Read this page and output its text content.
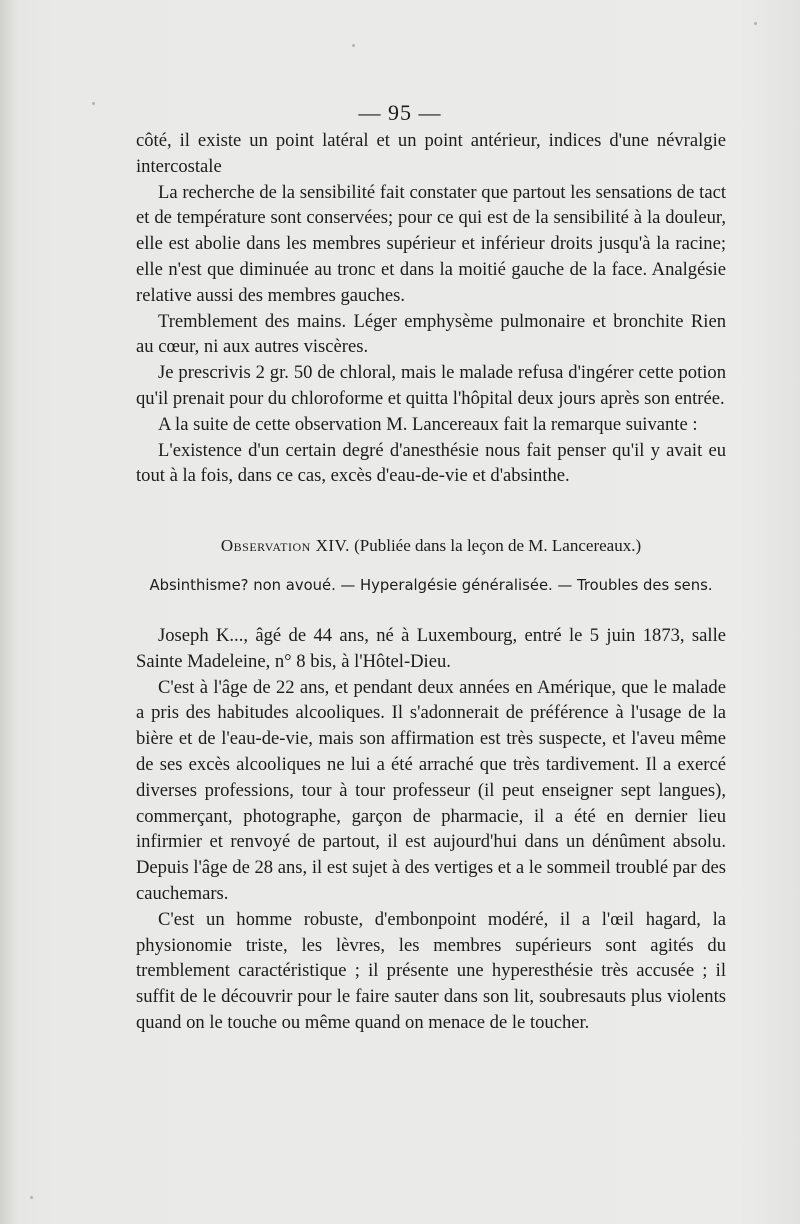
— 95 —

côté, il existe un point latéral et un point antérieur, indices d'une névralgie intercostale

La recherche de la sensibilité fait constater que partout les sensations de tact et de température sont conservées; pour ce qui est de la sensibilité à la douleur, elle est abolie dans les membres supérieur et inférieur droits jusqu'à la racine; elle n'est que diminuée au tronc et dans la moitié gauche de la face. Analgésie relative aussi des membres gauches.

Tremblement des mains. Léger emphysème pulmonaire et bronchite Rien au cœur, ni aux autres viscères.

Je prescrivis 2 gr. 50 de chloral, mais le malade refusa d'ingérer cette potion qu'il prenait pour du chloroforme et quitta l'hôpital deux jours après son entrée.

A la suite de cette observation M. Lancereaux fait la remarque suivante :

L'existence d'un certain degré d'anesthésie nous fait penser qu'il y avait eu tout à la fois, dans ce cas, excès d'eau-de-vie et d'absinthe.

Observation XIV. (Publiée dans la leçon de M. Lancereaux.)

Absinthisme? non avoué. — Hyperalgésie généralisée. — Troubles des sens.

Joseph K..., âgé de 44 ans, né à Luxembourg, entré le 5 juin 1873, salle Sainte Madeleine, n° 8 bis, à l'Hôtel-Dieu.

C'est à l'âge de 22 ans, et pendant deux années en Amérique, que le malade a pris des habitudes alcooliques. Il s'adonnerait de préférence à l'usage de la bière et de l'eau-de-vie, mais son affirmation est très suspecte, et l'aveu même de ses excès alcooliques ne lui a été arraché que très tardivement. Il a exercé diverses professions, tour à tour professeur (il peut enseigner sept langues), commerçant, photographe, garçon de pharmacie, il a été en dernier lieu infirmier et renvoyé de partout, il est aujourd'hui dans un dénûment absolu. Depuis l'âge de 28 ans, il est sujet à des vertiges et a le sommeil troublé par des cauchemars.

C'est un homme robuste, d'embonpoint modéré, il a l'œil hagard, la physionomie triste, les lèvres, les membres supérieurs sont agités du tremblement caractéristique ; il présente une hyperesthésie très accusée ; il suffit de le découvrir pour le faire sauter dans son lit, soubresauts plus violents quand on le touche ou même quand on menace de le toucher.
